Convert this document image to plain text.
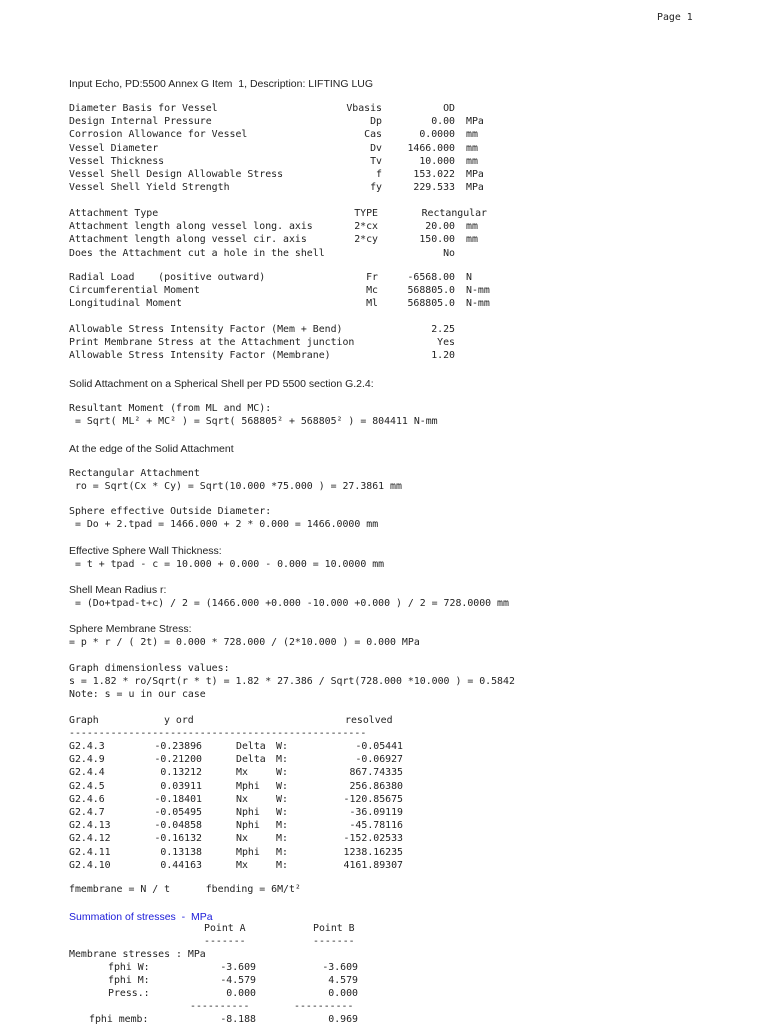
Page 1
Input Echo, PD:5500 Annex G Item  1, Description: LIFTING LUG
Diameter Basis for Vessel	Vbasis	OD
Design Internal Pressure	Dp	0.00 MPa
Corrosion Allowance for Vessel	Cas	0.0000 mm
Vessel Diameter	Dv	1466.000 mm
Vessel Thickness	Tv	10.000 mm
Vessel Shell Design Allowable Stress	f	153.022 MPa
Vessel Shell Yield Strength	fy	229.533 MPa
Attachment Type	TYPE	Rectangular
Attachment length along vessel long. axis	2*cx	20.00 mm
Attachment length along vessel cir. axis	2*cy	150.00 mm
Does the Attachment cut a hole in the shell	No
Radial Load    (positive outward)	Fr	-6568.00 N
Circumferential Moment	Mc	568805.0 N-mm
Longitudinal Moment	Ml	568805.0 N-mm
Allowable Stress Intensity Factor (Mem + Bend)	2.25
Print Membrane Stress at the Attachment junction	Yes
Allowable Stress Intensity Factor (Membrane)	1.20
Solid Attachment on a Spherical Shell per PD 5500 section G.2.4:
Resultant Moment (from ML and MC):
= Sqrt( ML² + MC² ) = Sqrt( 568805² + 568805² ) = 804411 N-mm
At the edge of the Solid Attachment
Rectangular Attachment
ro = Sqrt(Cx * Cy) = Sqrt(10.000 *75.000 ) = 27.3861 mm
Sphere effective Outside Diameter:
= Do + 2.tpad = 1466.000 + 2 * 0.000 = 1466.0000 mm
Effective Sphere Wall Thickness:
= t + tpad - c = 10.000 + 0.000 - 0.000 = 10.0000 mm
Shell Mean Radius r:
= (Do+tpad-t+c) / 2 = (1466.000 +0.000 -10.000 +0.000 ) / 2 = 728.0000 mm
Sphere Membrane Stress:
= p * r / ( 2t) = 0.000 * 728.000 / (2*10.000 ) = 0.000 MPa
Graph dimensionless values:
s = 1.82 * ro/Sqrt(r * t) = 1.82 * 27.386 / Sqrt(728.000 *10.000 ) = 0.5842
Note: s = u in our case
Graph	y ord	resolved
--------------------------------------------------
G2.4.3	-0.23896	Delta W:	-0.05441
G2.4.9	-0.21200	Delta M:	-0.06927
G2.4.4	0.13212	Mx	W:	867.74335
G2.4.5	0.03911	Mphi W:	256.86380
G2.4.6	-0.18401	Nx	W:	-120.85675
G2.4.7	-0.05495	Nphi W:	-36.09119
G2.4.13	-0.04858	Nphi M:	-45.78116
G2.4.12	-0.16132	Nx	M:	-152.02533
G2.4.11	0.13138	Mphi M:	1238.16235
G2.4.10	0.44163	Mx	M:	4161.89307
fmembrane = N / t      fbending = 6M/t²
Summation of stresses  -  MPa
Point A	Point B
-------	-------
Membrane stresses : MPa
fphi W:	-3.609	-3.609
fphi M:	-4.579	4.579
Press.:	0.000	0.000
----------	----------
fphi memb:	-8.188	0.969
